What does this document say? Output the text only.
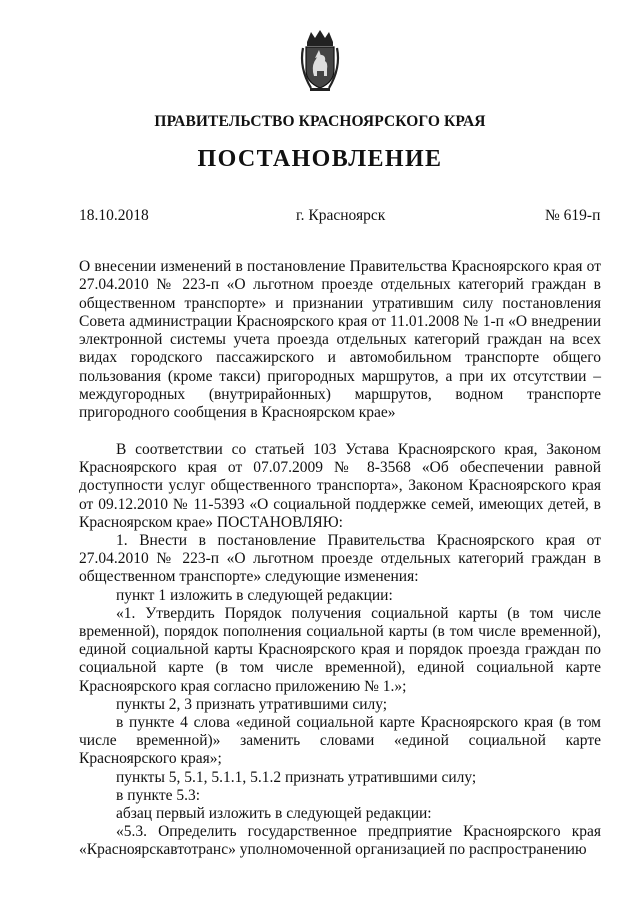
ПРАВИТЕЛЬСТВО КРАСНОЯРСКОГО КРАЯ
ПОСТАНОВЛЕНИЕ
18.10.2018	г. Красноярск	№ 619-п
О внесении изменений в постановление Правительства Красноярского края от 27.04.2010 № 223-п «О льготном проезде отдельных категорий граждан в общественном транспорте» и признании утратившим силу постановления Совета администрации Красноярского края от 11.01.2008 № 1-п «О внедрении электронной системы учета проезда отдельных категорий граждан на всех видах городского пассажирского и автомобильном транспорте общего пользования (кроме такси) пригородных маршрутов, а при их отсутствии – междугородных (внутрирайонных) маршрутов, водном транспорте пригородного сообщения в Красноярском крае»

В соответствии со статьей 103 Устава Красноярского края, Законом Красноярского края от 07.07.2009 № 8-3568 «Об обеспечении равной доступности услуг общественного транспорта», Законом Красноярского края от 09.12.2010 № 11-5393 «О социальной поддержке семей, имеющих детей, в Красноярском крае» ПОСТАНОВЛЯЮ:

1. Внести в постановление Правительства Красноярского края от 27.04.2010 № 223-п «О льготном проезде отдельных категорий граждан в общественном транспорте» следующие изменения:

пункт 1 изложить в следующей редакции:

«1. Утвердить Порядок получения социальной карты (в том числе временной), порядок пополнения социальной карты (в том числе временной), единой социальной карты Красноярского края и порядок проезда граждан по социальной карте (в том числе временной), единой социальной карте Красноярского края согласно приложению № 1.»;

пункты 2, 3 признать утратившими силу;

в пункте 4 слова «единой социальной карте Красноярского края (в том числе временной)» заменить словами «единой социальной карте Красноярского края»;

пункты 5, 5.1, 5.1.1, 5.1.2 признать утратившими силу;

в пункте 5.3:

абзац первый изложить в следующей редакции:

«5.3. Определить государственное предприятие Красноярского края «Красноярскавтотранс» уполномоченной организацией по распространению
